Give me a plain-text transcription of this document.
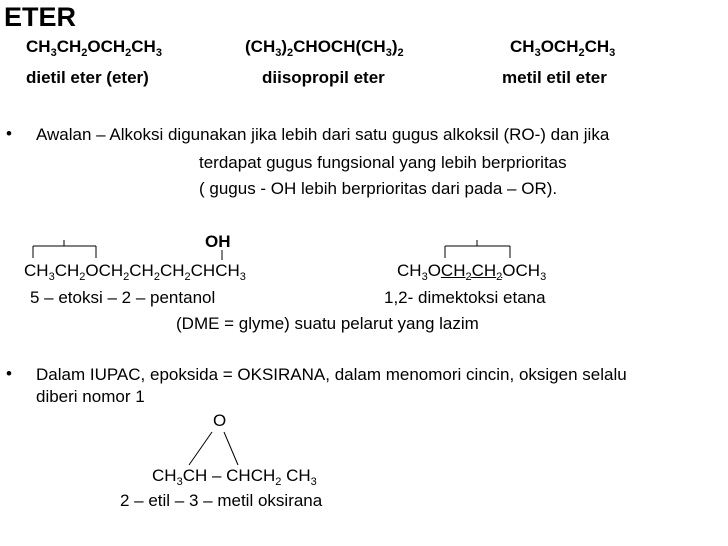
ETER
$CH_3CH_2OCH_2CH_3$
dietil eter (eter)
$(CH_3)_2CHOCH(CH_3)_2$
diisopropil eter
$CH_3OCH_2CH_3$
metil etil eter
• Awalan – Alkoksi digunakan jika lebih dari satu gugus alkoksil (RO-) dan jika
terdapat gugus fungsional yang lebih berprioritas
( gugus - OH lebih berprioritas dari pada – OR).
OH
$CH_3CH_2OCH_2CH_2CH_2CHCH_3$
5 – etoksi – 2 – pentanol
$CH_3OCH_2CH_2OCH_3$
1,2- dimektoksi etana
(DME = glyme) suatu pelarut yang lazim
• Dalam IUPAC, epoksida = OKSIRANA, dalam menomori cincin, oksigen selalu
diberi nomor 1
O
$CH_3CH$ – $CHCH_2$ $CH_3$
2 – etil – 3 – metil oksirana
